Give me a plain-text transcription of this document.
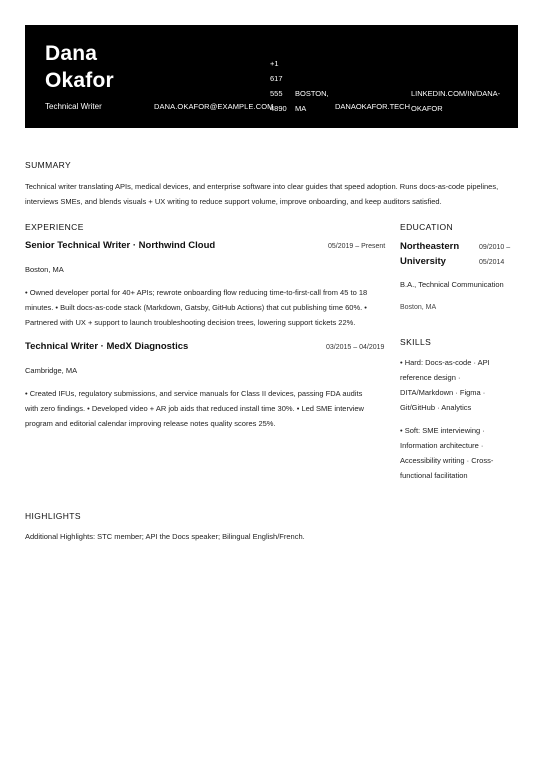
Dana
Okafor
Technical Writer	DANA.OKAFOR@EXAMPLE.COM
+1
617
555
4890
BOSTON,
MA	DANAOKAFOR.TECH
LINKEDIN.COM/IN/DANA-
OKAFOR
SUMMARY
Technical writer translating APIs, medical devices, and enterprise software into clear guides that speed adoption. Runs docs-as-code pipelines,
interviews SMEs, and blends visuals + UX writing to reduce support volume, improve onboarding, and keep auditors satisfied.
EXPERIENCE
Senior Technical Writer · Northwind Cloud	05/2019 – Present
Boston, MA
• Owned developer portal for 40+ APIs; rewrote onboarding flow reducing time-to-first-call from 45 to 18
minutes. • Built docs-as-code stack (Markdown, Gatsby, GitHub Actions) that cut publishing time 60%. •
Partnered with UX + support to launch troubleshooting decision trees, lowering support tickets 22%.
Technical Writer · MedX Diagnostics	03/2015 – 04/2019
Cambridge, MA
• Created IFUs, regulatory submissions, and service manuals for Class II devices, passing FDA audits
with zero findings. • Developed video + AR job aids that reduced install time 30%. • Led SME interview
program and editorial calendar improving release notes quality scores 25%.
EDUCATION
Northeastern
University
09/2010 –
05/2014
B.A., Technical Communication
Boston, MA
SKILLS
• Hard: Docs-as-code · API
reference design ·
DITA/Markdown · Figma ·
Git/GitHub · Analytics
• Soft: SME interviewing ·
Information architecture ·
Accessibility writing · Cross-
functional facilitation
HIGHLIGHTS
Additional Highlights: STC member; API the Docs speaker; Bilingual English/French.
